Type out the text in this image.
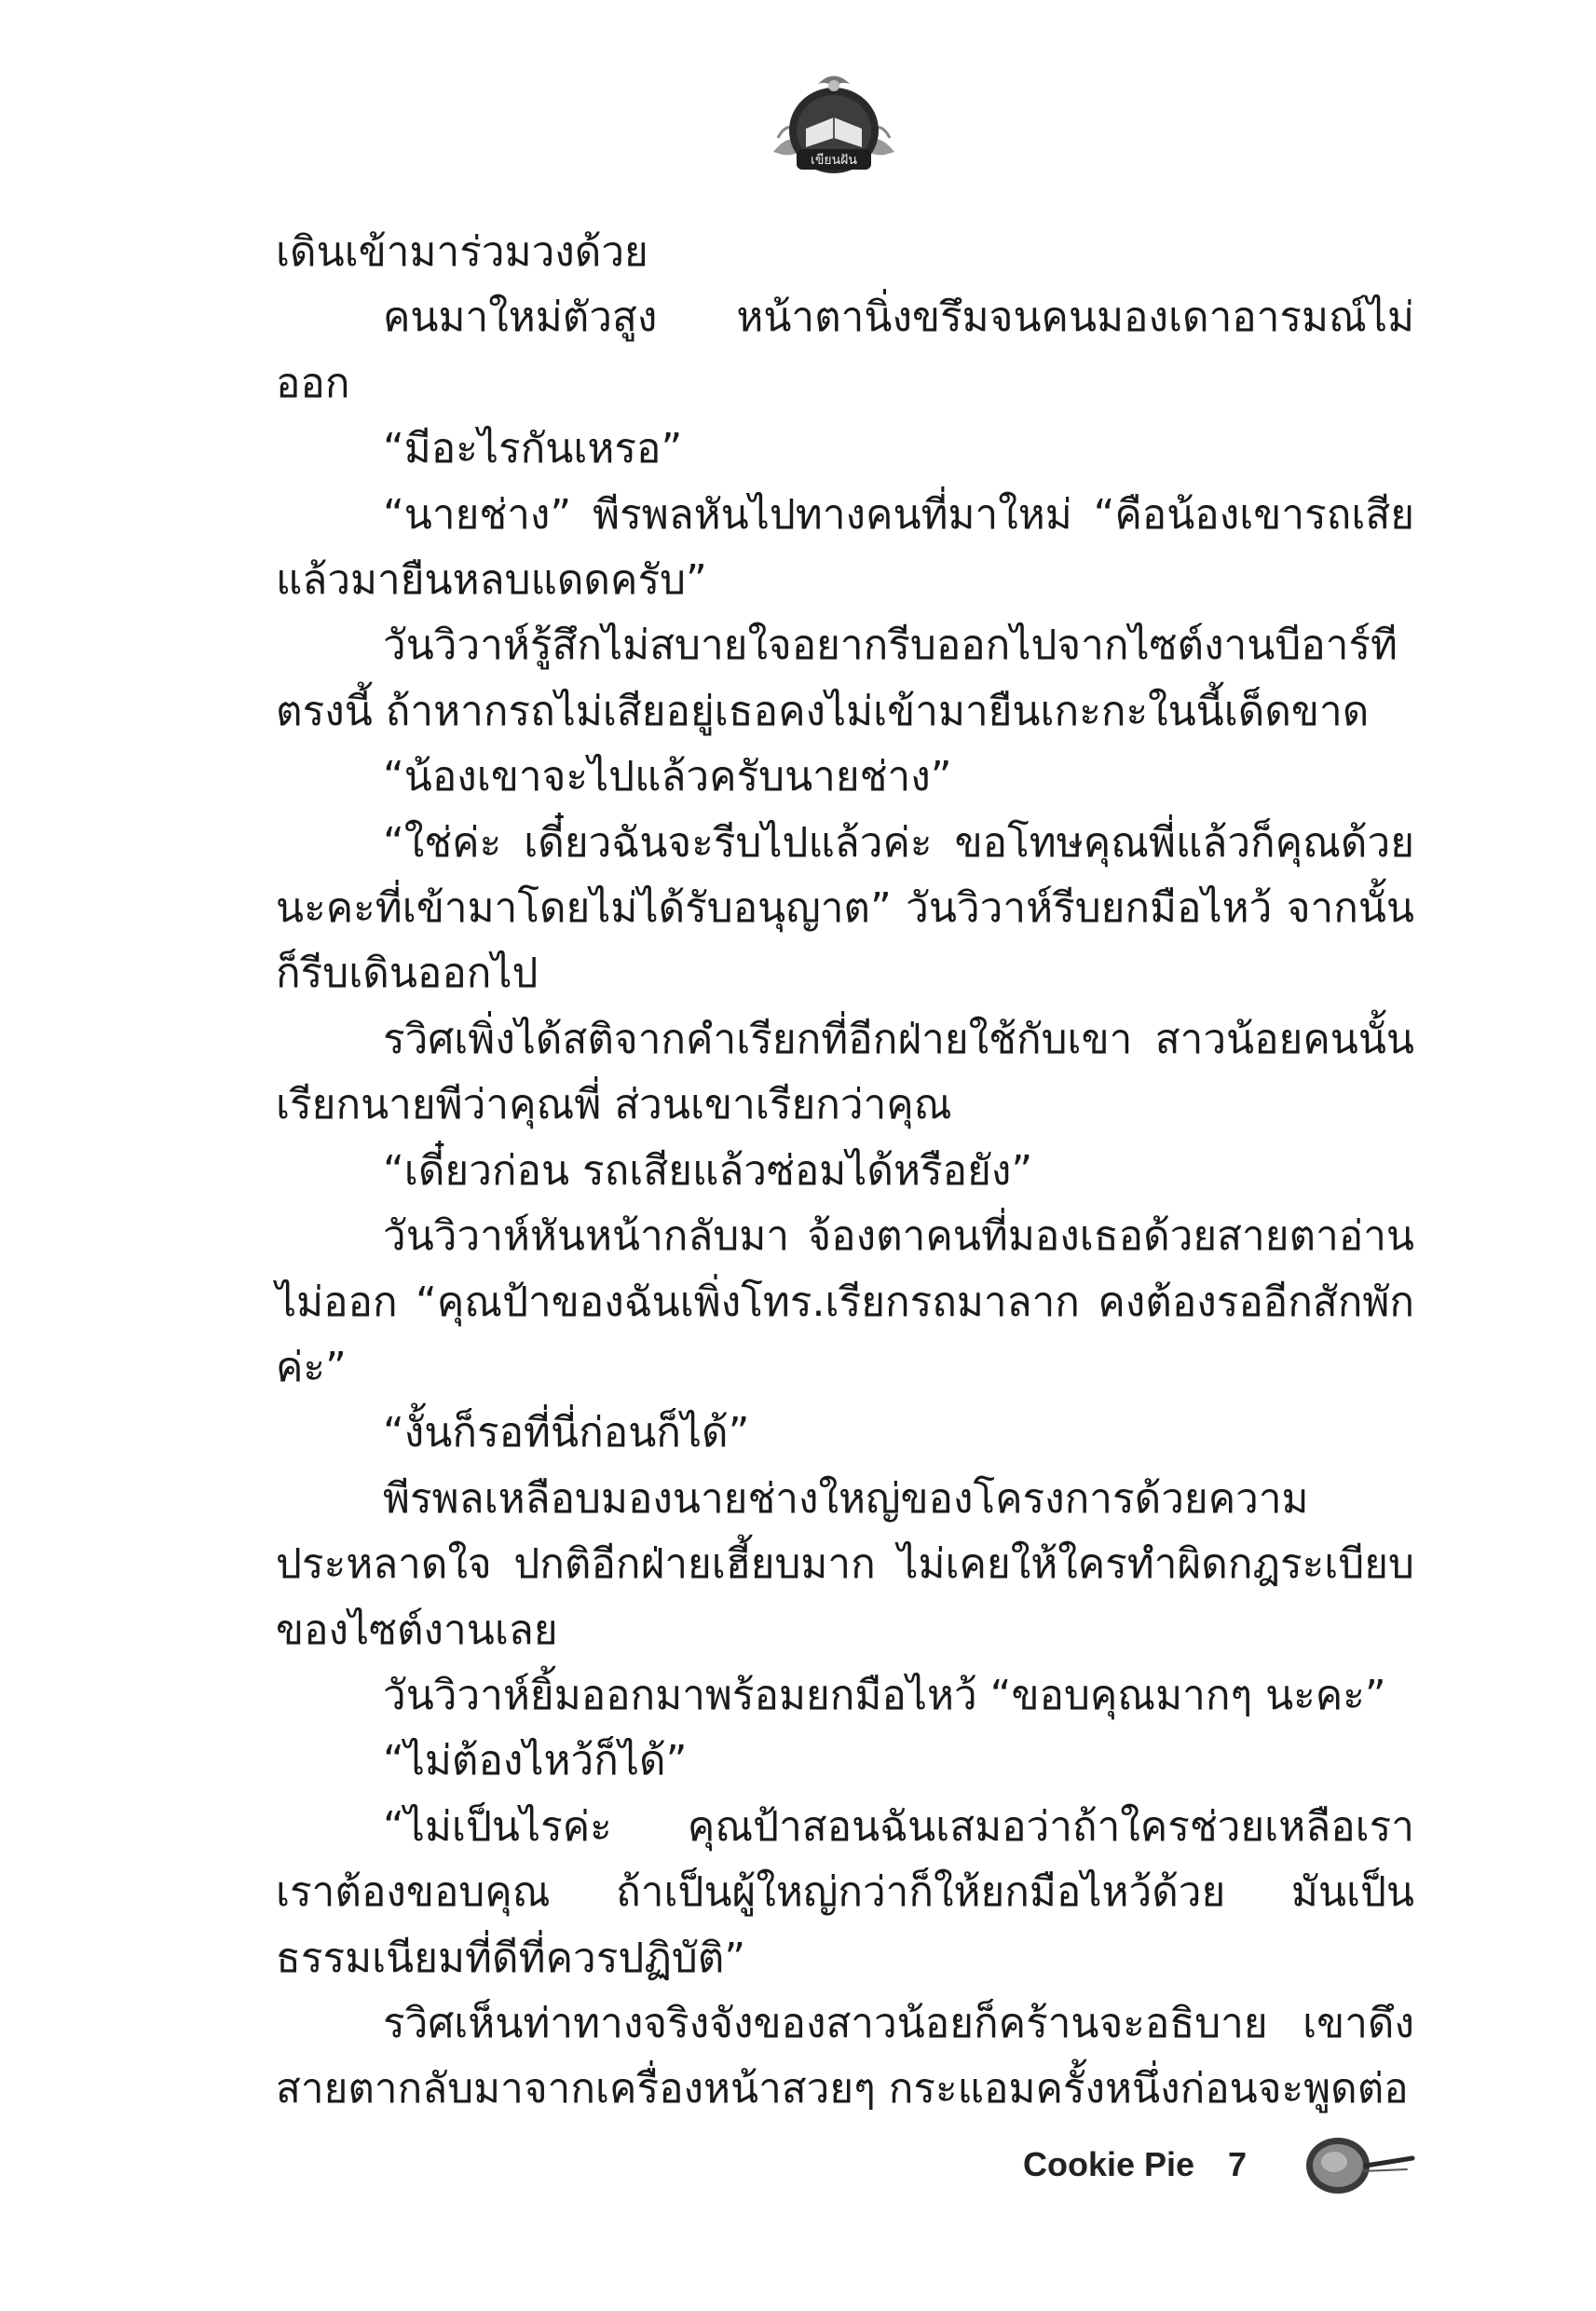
เขียนฝัน

เดินเข้ามาร่วมวงด้วย

คนมาใหม่ตัวสูง หน้าตานิ่งขรึมจนคนมองเดาอารมณ์ไม่ออก

“มีอะไรกันเหรอ”

“นายช่าง” พีรพลหันไปทางคนที่มาใหม่ “คือน้องเขารถเสียแล้วมายืนหลบแดดครับ”

วันวิวาห์รู้สึกไม่สบายใจอยากรีบออกไปจากไซต์งานบีอาร์ทีตรงนี้ ถ้าหากรถไม่เสียอยู่เธอคงไม่เข้ามายืนเกะกะในนี้เด็ดขาด

“น้องเขาจะไปแล้วครับนายช่าง”

“ใช่ค่ะ เดี๋ยวฉันจะรีบไปแล้วค่ะ ขอโทษคุณพี่แล้วก็คุณด้วยนะคะที่เข้ามาโดยไม่ได้รับอนุญาต” วันวิวาห์รีบยกมือไหว้ จากนั้นก็รีบเดินออกไป

รวิศเพิ่งได้สติจากคำเรียกที่อีกฝ่ายใช้กับเขา สาวน้อยคนนั้นเรียกนายพีว่าคุณพี่ ส่วนเขาเรียกว่าคุณ

“เดี๋ยวก่อน รถเสียแล้วซ่อมได้หรือยัง”

วันวิวาห์หันหน้ากลับมา จ้องตาคนที่มองเธอด้วยสายตาอ่านไม่ออก “คุณป้าของฉันเพิ่งโทร.เรียกรถมาลาก คงต้องรออีกสักพักค่ะ”

“งั้นก็รอที่นี่ก่อนก็ได้”

พีรพลเหลือบมองนายช่างใหญ่ของโครงการด้วยความประหลาดใจ ปกติอีกฝ่ายเฮี้ยบมาก ไม่เคยให้ใครทำผิดกฎระเบียบของไซต์งานเลย

วันวิวาห์ยิ้มออกมาพร้อมยกมือไหว้ “ขอบคุณมากๆ นะคะ”

“ไม่ต้องไหว้ก็ได้”

“ไม่เป็นไรค่ะ คุณป้าสอนฉันเสมอว่าถ้าใครช่วยเหลือเรา เราต้องขอบคุณ ถ้าเป็นผู้ใหญ่กว่าก็ให้ยกมือไหว้ด้วย มันเป็นธรรมเนียมที่ดีที่ควรปฏิบัติ”

รวิศเห็นท่าทางจริงจังของสาวน้อยก็คร้านจะอธิบาย เขาดึงสายตากลับมาจากเครื่องหน้าสวยๆ กระแอมครั้งหนึ่งก่อนจะพูดต่อ

Cookie Pie 7
